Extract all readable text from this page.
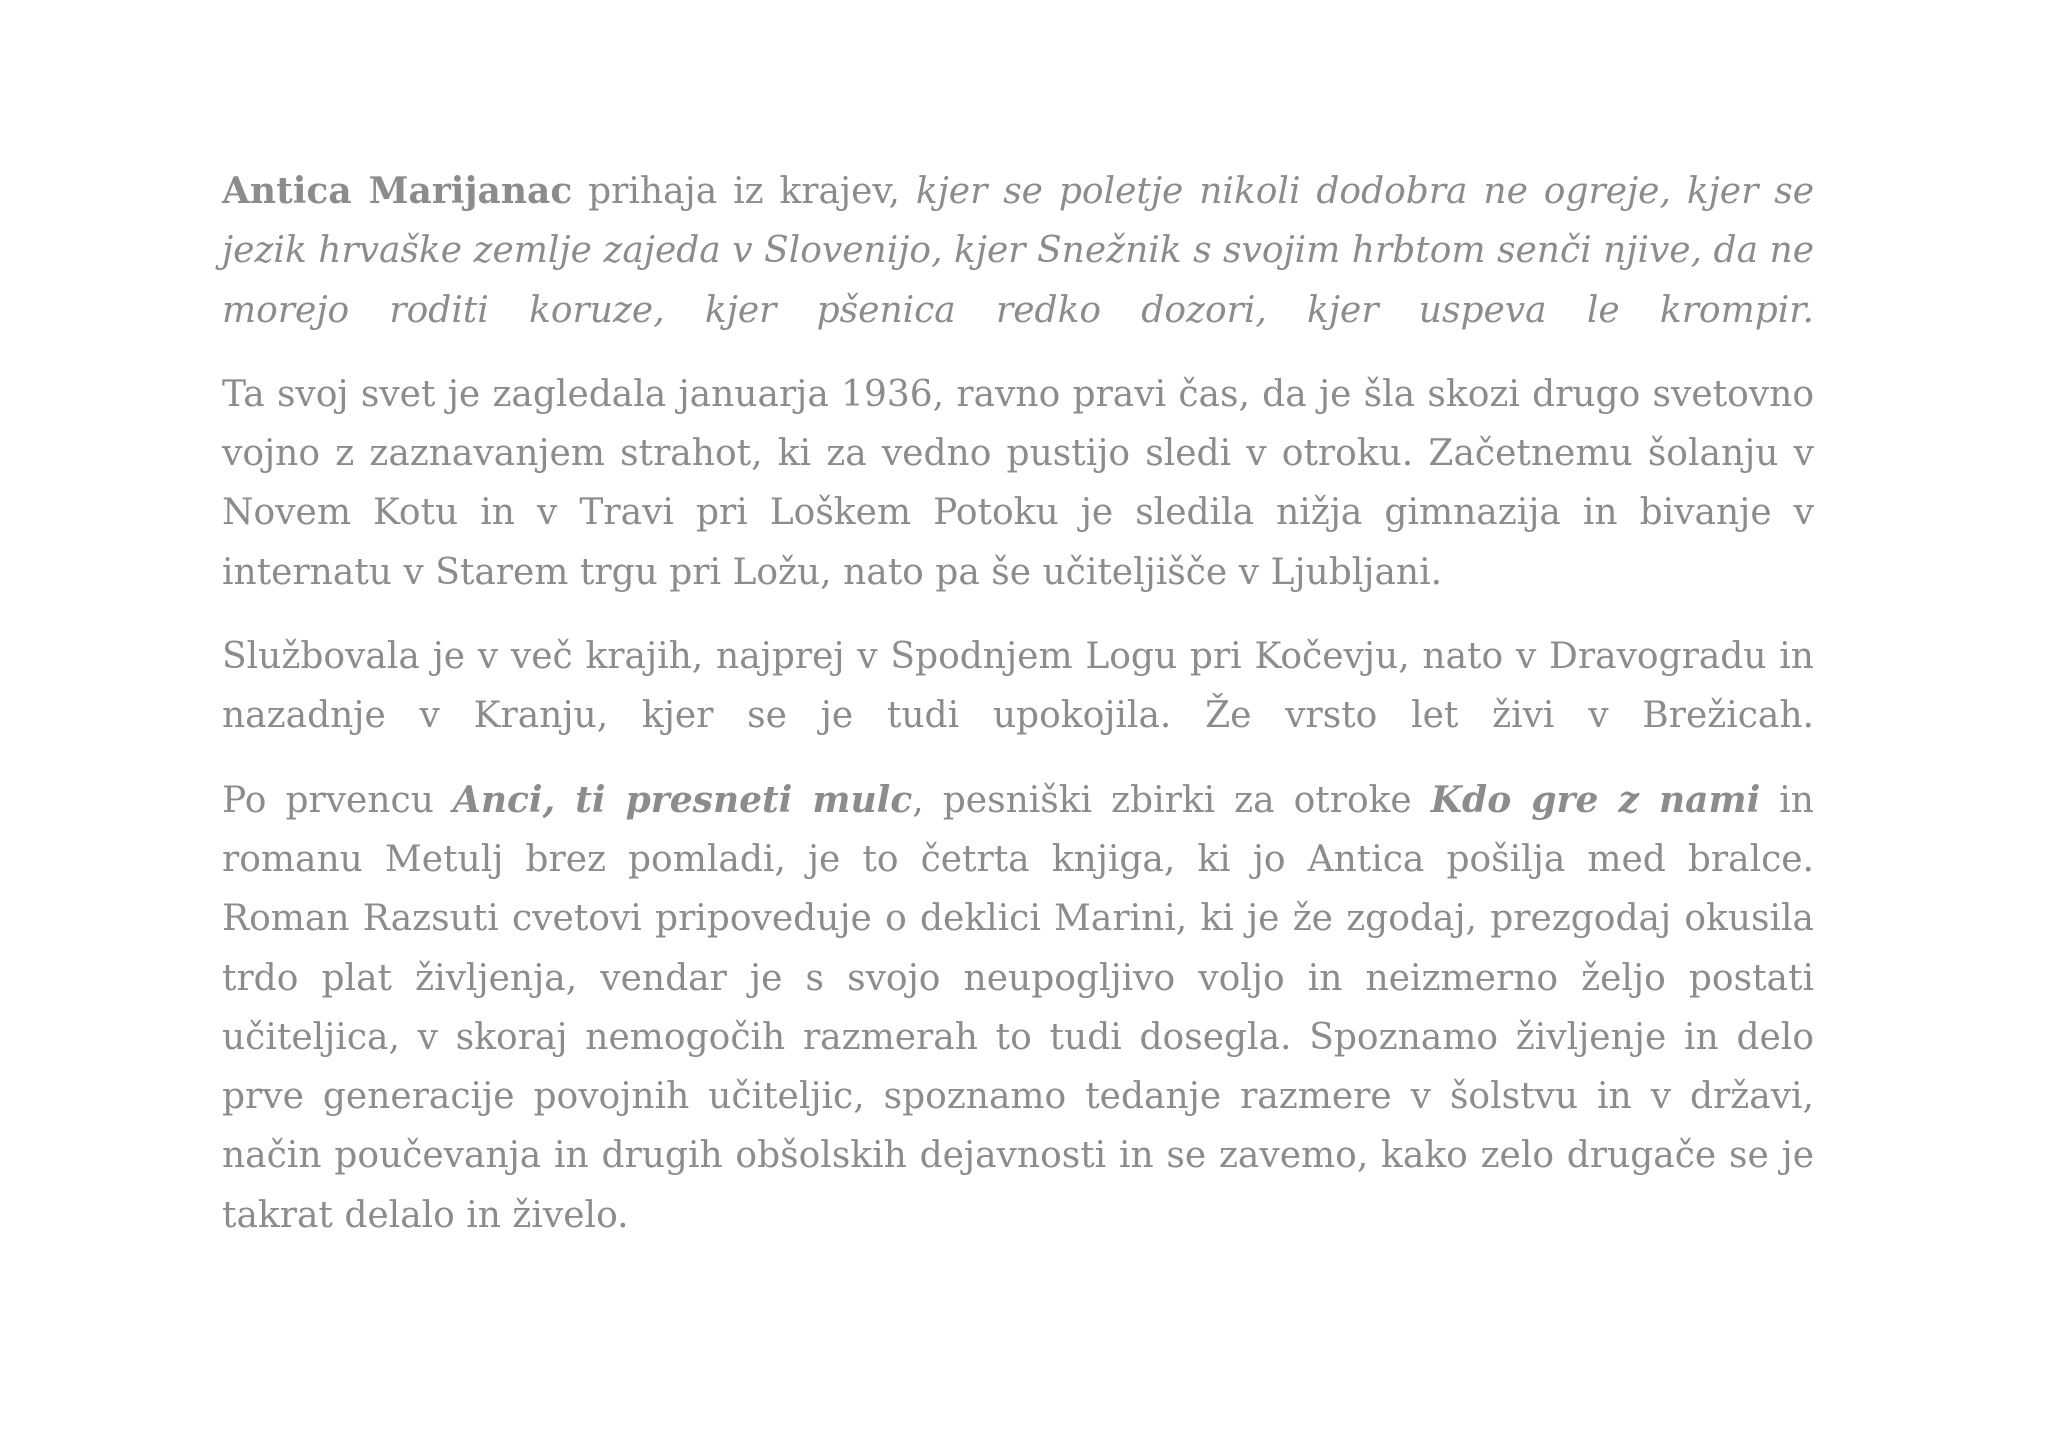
Antica Marijanac prihaja iz krajev, kjer se poletje nikoli dodobra ne ogreje, kjer se jezik hrvaške zemlje zajeda v Slovenijo, kjer Snežnik s svojim hrbtom senči njive, da ne morejo roditi koruze, kjer pšenica redko dozori, kjer uspeva le krompir.

Ta svoj svet je zagledala januarja 1936, ravno pravi čas, da je šla skozi drugo svetovno vojno z zaznavanjem strahot, ki za vedno pustijo sledi v otroku. Začetnemu šolanju v Novem Kotu in v Travi pri Loškem Potoku je sledila nižja gimnazija in bivanje v internatu v Starem trgu pri Ložu, nato pa še učiteljišče v Ljubljani.

Službovala je v več krajih, najprej v Spodnjem Logu pri Kočevju, nato v Dravogradu in nazadnje v Kranju, kjer se je tudi upokojila. Že vrsto let živi v Brežicah.

Po prvencu Anci, ti presneti mulc, pesniški zbirki za otroke Kdo gre z nami in romanu Metulj brez pomladi, je to četrta knjiga, ki jo Antica pošilja med bralce. Roman Razsuti cvetovi pripoveduje o deklici Marini, ki je že zgodaj, prezgodaj okusila trdo plat življenja, vendar je s svojo neupogljivo voljo in neizmerno željo postati učiteljica, v skoraj nemogočih razmerah to tudi dosegla. Spoznamo življenje in delo prve generacije povojnih učiteljic, spoznamo tedanje razmere v šolstvu in v državi, način poučevanja in drugih obšolskih dejavnosti in se zavemo, kako zelo drugače se je takrat delalo in živelo.
